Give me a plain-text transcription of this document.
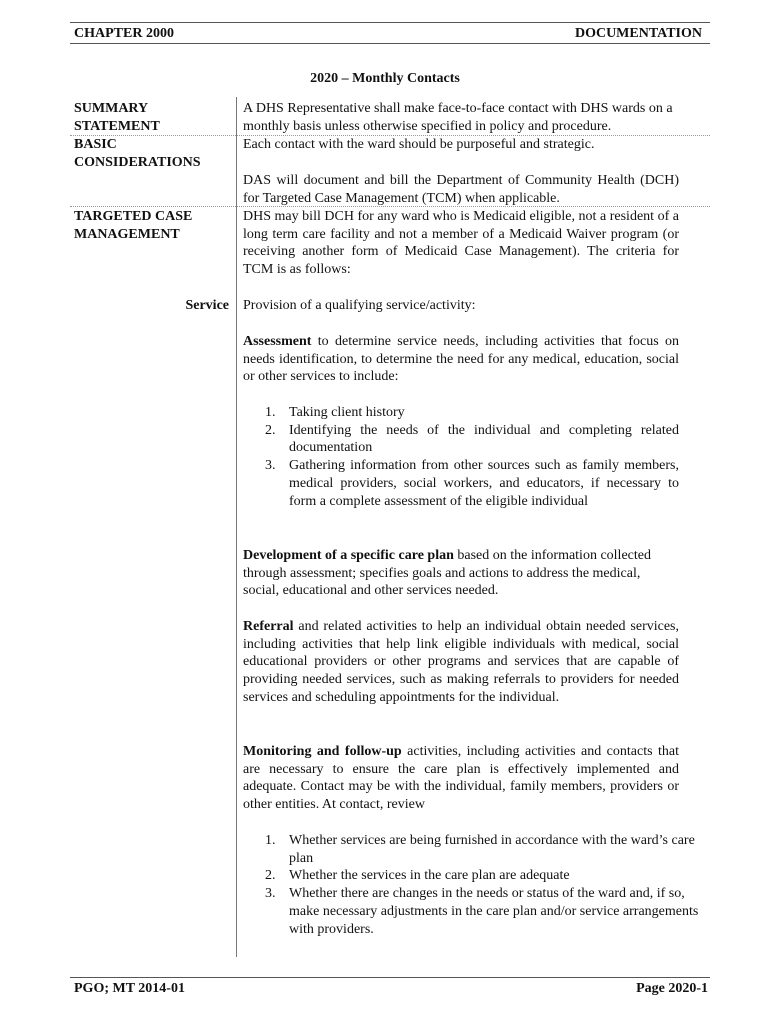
CHAPTER 2000	DOCUMENTATION
2020 – Monthly Contacts
SUMMARY
STATEMENT
BASIC
CONSIDERATIONS
TARGETED CASE
MANAGEMENT
Service
A DHS Representative shall make face-to-face contact with DHS wards on a monthly basis unless otherwise specified in policy and procedure.
Each contact with the ward should be purposeful and strategic.
DAS will document and bill the Department of Community Health (DCH) for Targeted Case Management (TCM) when applicable.
DHS may bill DCH for any ward who is Medicaid eligible, not a resident of a long term care facility and not a member of a Medicaid Waiver program (or receiving another form of Medicaid Case Management). The criteria for TCM is as follows:
Provision of a qualifying service/activity:
Assessment to determine service needs, including activities that focus on needs identification, to determine the need for any medical, education, social or other services to include:
1. Taking client history
2. Identifying the needs of the individual and completing related documentation
3. Gathering information from other sources such as family members, medical providers, social workers, and educators, if necessary to form a complete assessment of the eligible individual
Development of a specific care plan based on the information collected through assessment; specifies goals and actions to address the medical, social, educational and other services needed.
Referral and related activities to help an individual obtain needed services, including activities that help link eligible individuals with medical, social educational providers or other programs and services that are capable of providing needed services, such as making referrals to providers for needed services and scheduling appointments for the individual.
Monitoring and follow-up activities, including activities and contacts that are necessary to ensure the care plan is effectively implemented and adequate. Contact may be with the individual, family members, providers or other entities. At contact, review
1. Whether services are being furnished in accordance with the ward’s care plan
2. Whether the services in the care plan are adequate
3. Whether there are changes in the needs or status of the ward and, if so, make necessary adjustments in the care plan and/or service arrangements with providers.
PGO; MT 2014-01	Page 2020-1
